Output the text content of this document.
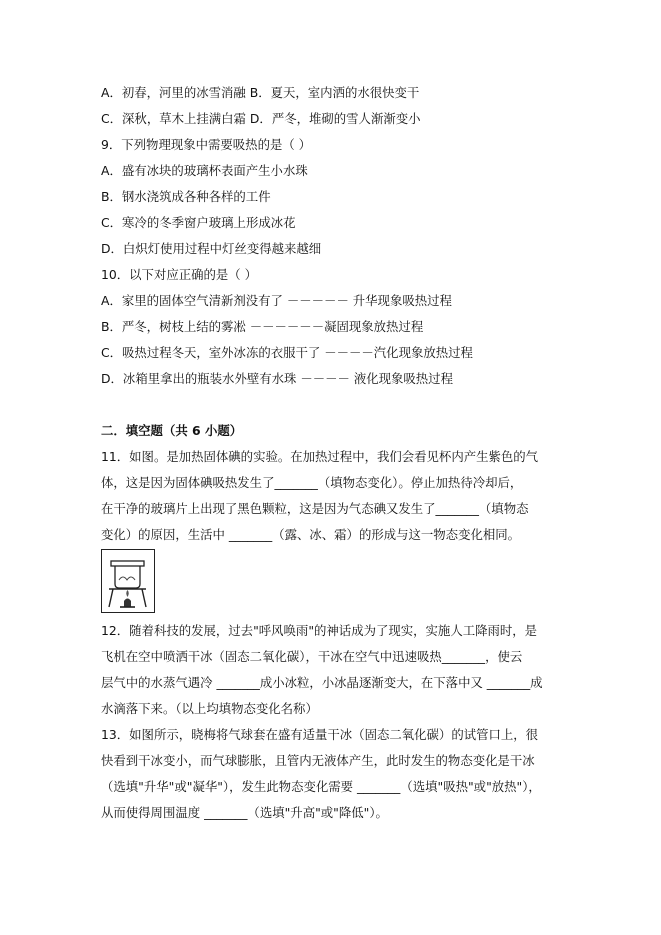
A．初春，河里的冰雪消融 B．夏天，室内洒的水很快变干
C．深秋，草木上挂满白霜 D．严冬，堆砌的雪人渐渐变小
9．下列物理现象中需要吸热的是（ ）
A．盛有冰块的玻璃杯表面产生小水珠
B．钢水浇筑成各种各样的工件
C．寒冷的冬季窗户玻璃上形成冰花
D．白炽灯使用过程中灯丝变得越来越细
10．以下对应正确的是（ ）
A．家里的固体空气清新剂没有了 －－－－－ 升华现象吸热过程
B．严冬，树枝上结的雾凇 －－－－－－凝固现象放热过程
C．吸热过程冬天，室外冰冻的衣服干了 －－－－汽化现象放热过程
D．冰箱里拿出的瓶装水外壁有水珠 －－－－ 液化现象吸热过程
二．填空题（共 6 小题）
11．如图。是加热固体碘的实验。在加热过程中，我们会看见杯内产生紫色的气
体，这是因为固体碘吸热发生了_______（填物态变化）。停止加热待冷却后，
在干净的玻璃片上出现了黑色颗粒，这是因为气态碘又发生了_______（填物态
变化）的原因，生活中 _______（露、冰、霜）的形成与这一物态变化相同。
12．随着科技的发展，过去"呼风唤雨"的神话成为了现实，实施人工降雨时，是
飞机在空中喷洒干冰（固态二氧化碳），干冰在空气中迅速吸热_______，使云
层气中的水蒸气遇冷 _______成小冰粒，小冰晶逐渐变大，在下落中又 _______成
水滴落下来。（以上均填物态变化名称）
13．如图所示，晓梅将气球套在盛有适量干冰（固态二氧化碳）的试管口上，很
快看到干冰变小，而气球膨胀，且管内无液体产生，此时发生的物态变化是干冰
（选填"升华"或"凝华"），发生此物态变化需要 _______（选填"吸热"或"放热"），
从而使得周围温度 _______（选填"升高"或"降低"）。
